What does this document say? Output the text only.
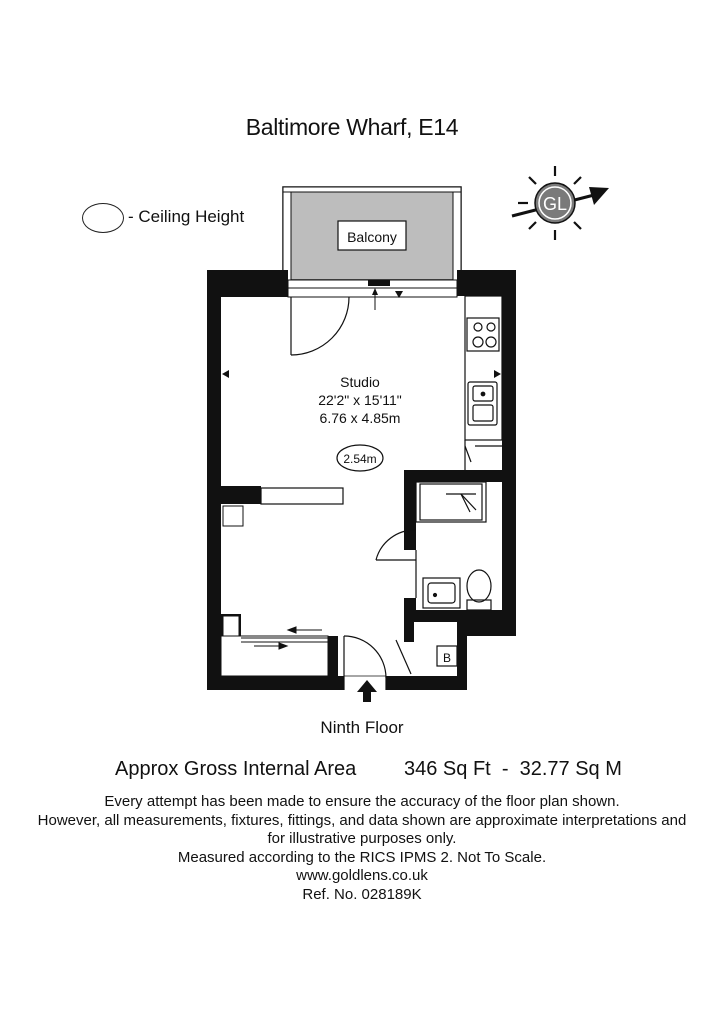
Baltimore Wharf, E14
- Ceiling Height
GL
Balcony
B
Studio
22'2" x 15'11"
6.76 x 4.85m
2.54m
Ninth Floor
Approx Gross Internal Area 346 Sq Ft  -  32.77 Sq M
Every attempt has been made to ensure the accuracy of the floor plan shown.
However, all measurements, fixtures, fittings, and data shown are approximate interpretations and
for illustrative purposes only.
Measured according to the RICS IPMS 2. Not To Scale.
www.goldlens.co.uk
Ref. No. 028189K
